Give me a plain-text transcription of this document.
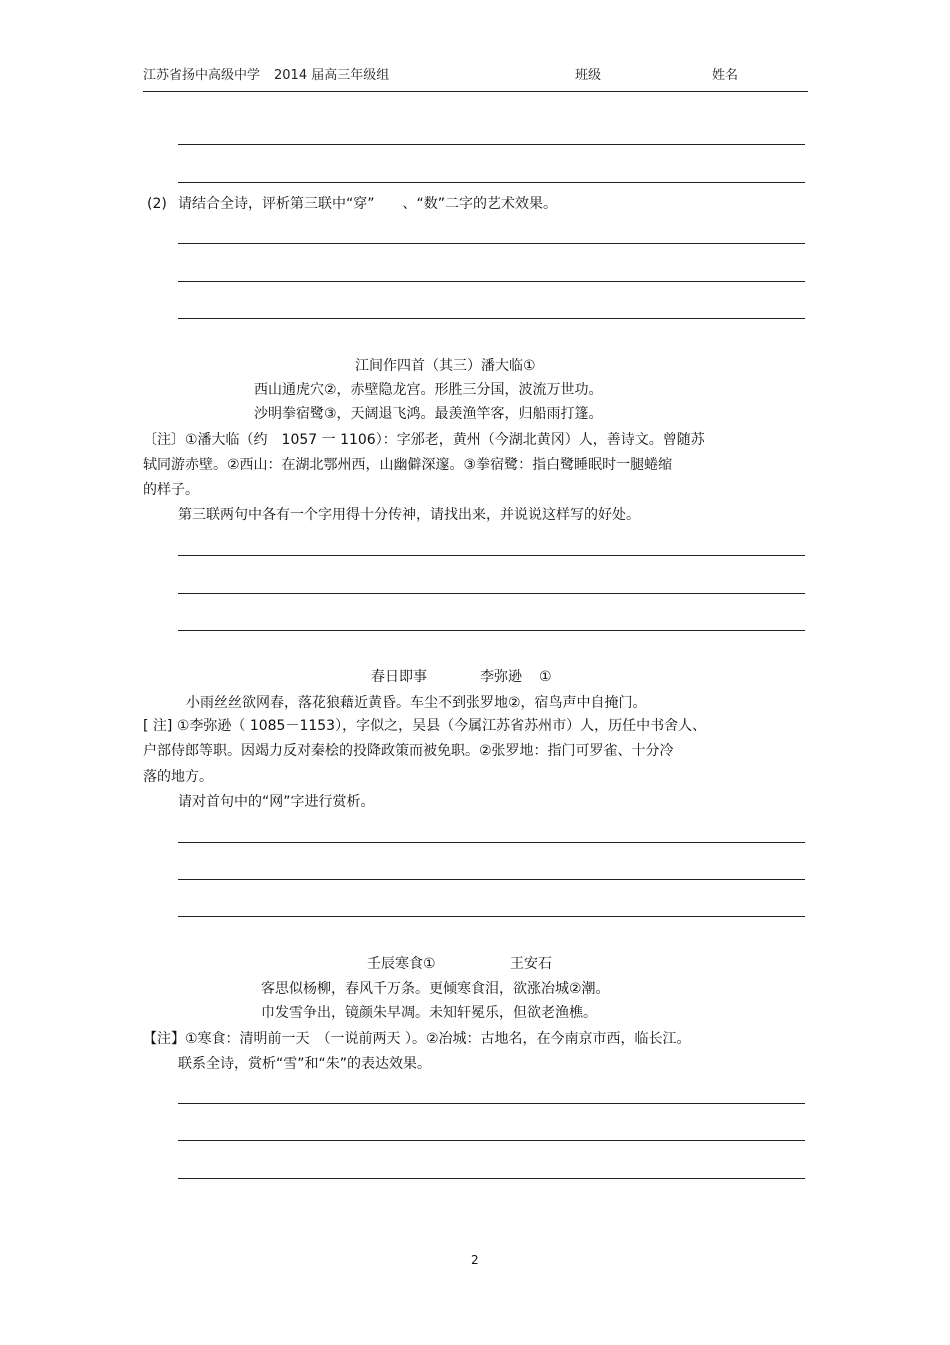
江苏省扬中高级中学 2014 届高三年级组	班级	姓名
(2) 请结合全诗，评析第三联中“穿”　　、“数”二字的艺术效果。
江间作四首（其三）潘大临①
西山通虎穴②，赤壁隐龙宫。形胜三分国，波流万世功。
沙明拳宿鹭③，天阔退飞鸿。最羡渔竿客，归船雨打篷。
〔注〕①潘大临（约　1057 一 1106）：字邠老，黄州（今湖北黄冈）人，善诗文。曾随苏
轼同游赤壁。②西山：在湖北鄂州西，山幽僻深邃。③拳宿鹭：指白鹭睡眠时一腿蜷缩
的样子。
第三联两句中各有一个字用得十分传神，请找出来，并说说这样写的好处。
春日即事	李弥逊 ①
小雨丝丝欲网春，落花狼藉近黄昏。车尘不到张罗地②，宿鸟声中自掩门。
[ 注] ①李弥逊（ 1085－1153），字似之，吴县（今属江苏省苏州市）人，历任中书舍人、
户部侍郎等职。因竭力反对秦桧的投降政策而被免职。②张罗地：指门可罗雀、十分冷
落的地方。
请对首句中的“网”字进行赏析。
壬辰寒食①	王安石
客思似杨柳，春风千万条。更倾寒食泪，欲涨冶城②潮。
巾发雪争出，镜颜朱早凋。未知轩冕乐，但欲老渔樵。
【注】①寒食：清明前一天　（一说前两天 ）。②冶城：古地名，在今南京市西，临长江。
联系全诗，赏析“雪”和“朱”的表达效果。
2
